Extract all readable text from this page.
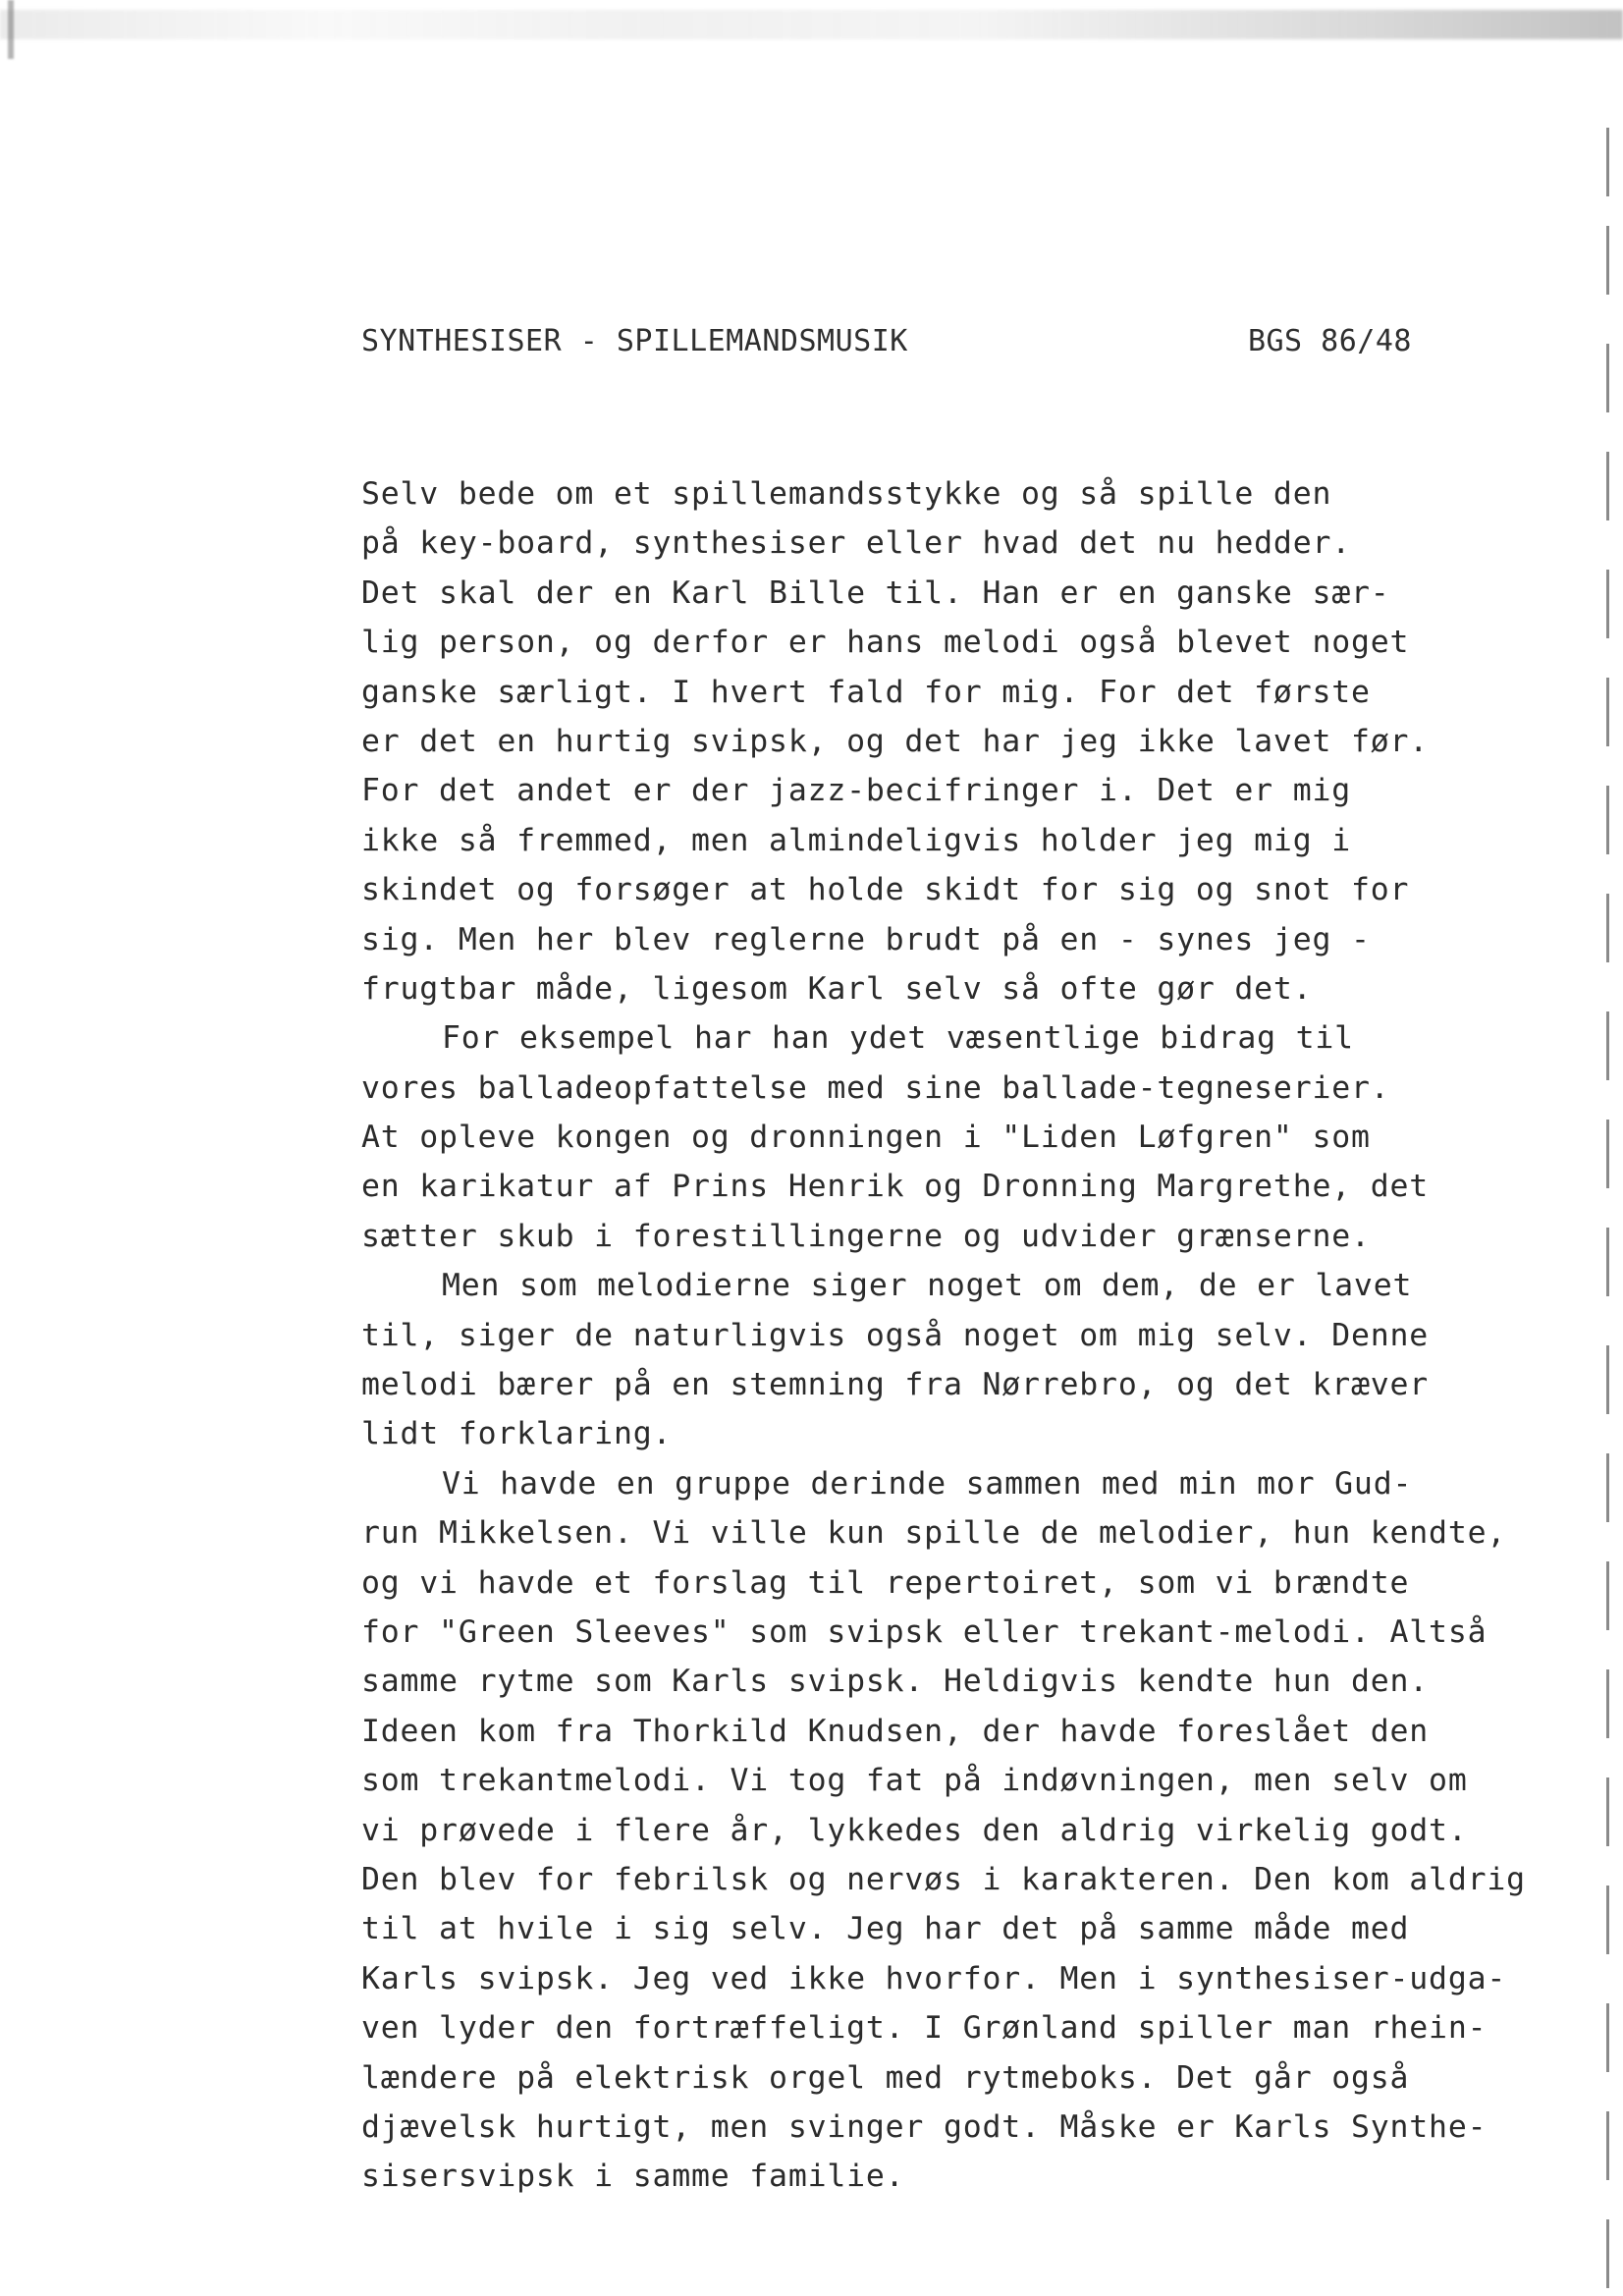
SYNTHESISER - SPILLEMANDSMUSIK	BGS 86/48
Selv bede om et spillemandsstykke og så spille den
på key-board, synthesiser eller hvad det nu hedder.
Det skal der en Karl Bille til. Han er en ganske sær-
lig person, og derfor er hans melodi også blevet noget
ganske særligt. I hvert fald for mig. For det første
er det en hurtig svipsk, og det har jeg ikke lavet før.
For det andet er der jazz-becifringer i. Det er mig
ikke så fremmed, men almindeligvis holder jeg mig i
skindet og forsøger at holde skidt for sig og snot for
sig. Men her blev reglerne brudt på en - synes jeg -
frugtbar måde, ligesom Karl selv så ofte gør det.
For eksempel har han ydet væsentlige bidrag til
vores balladeopfattelse med sine ballade-tegneserier.
At opleve kongen og dronningen i "Liden Løfgren" som
en karikatur af Prins Henrik og Dronning Margrethe, det
sætter skub i forestillingerne og udvider grænserne.
Men som melodierne siger noget om dem, de er lavet
til, siger de naturligvis også noget om mig selv. Denne
melodi bærer på en stemning fra Nørrebro, og det kræver
lidt forklaring.
Vi havde en gruppe derinde sammen med min mor Gud-
run Mikkelsen. Vi ville kun spille de melodier, hun kendte,
og vi havde et forslag til repertoiret, som vi brændte
for "Green Sleeves" som svipsk eller trekant-melodi. Altså
samme rytme som Karls svipsk. Heldigvis kendte hun den.
Ideen kom fra Thorkild Knudsen, der havde foreslået den
som trekantmelodi. Vi tog fat på indøvningen, men selv om
vi prøvede i flere år, lykkedes den aldrig virkelig godt.
Den blev for febrilsk og nervøs i karakteren. Den kom aldrig
til at hvile i sig selv. Jeg har det på samme måde med
Karls svipsk. Jeg ved ikke hvorfor. Men i synthesiser-udga-
ven lyder den fortræffeligt. I Grønland spiller man rhein-
lændere på elektrisk orgel med rytmeboks. Det går også
djævelsk hurtigt, men svinger godt. Måske er Karls Synthe-
sisersvipsk i samme familie.
